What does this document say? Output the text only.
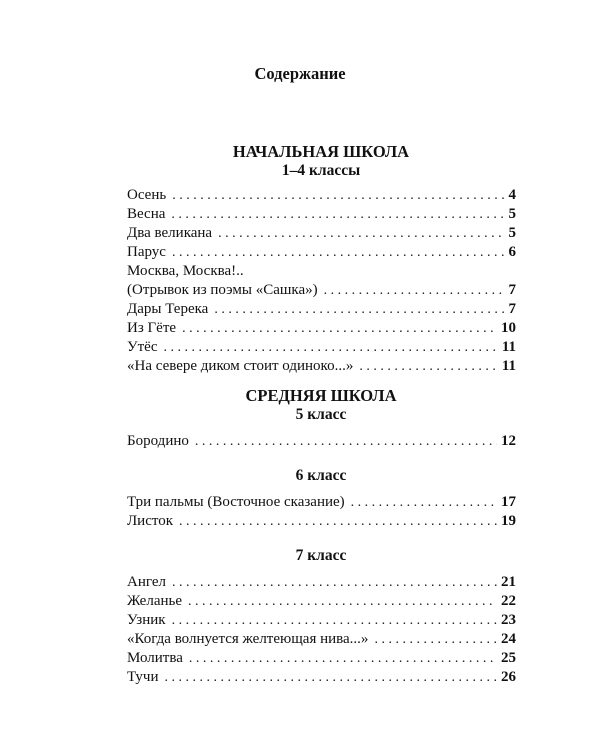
Содержание
НАЧАЛЬНАЯ ШКОЛА
1–4 классы
Осень . . .	4
Весна . . .	5
Два великана . . .	5
Парус . . .	6
Москва, Москва!..
(Отрывок из поэмы «Сашка») . . .	7
Дары Терека . . .	7
Из Гёте . . .	10
Утёс . . .	11
«На севере диком стоит одиноко...» . . .	11
СРЕДНЯЯ ШКОЛА
5 класс
Бородино . . .	12
6 класс
Три пальмы (Восточное сказание) . . .	17
Листок . . .	19
7 класс
Ангел . . .	21
Желанье . . .	22
Узник . . .	23
«Когда волнуется желтеющая нива...» . . .	24
Молитва . . .	25
Тучи . . .	26
